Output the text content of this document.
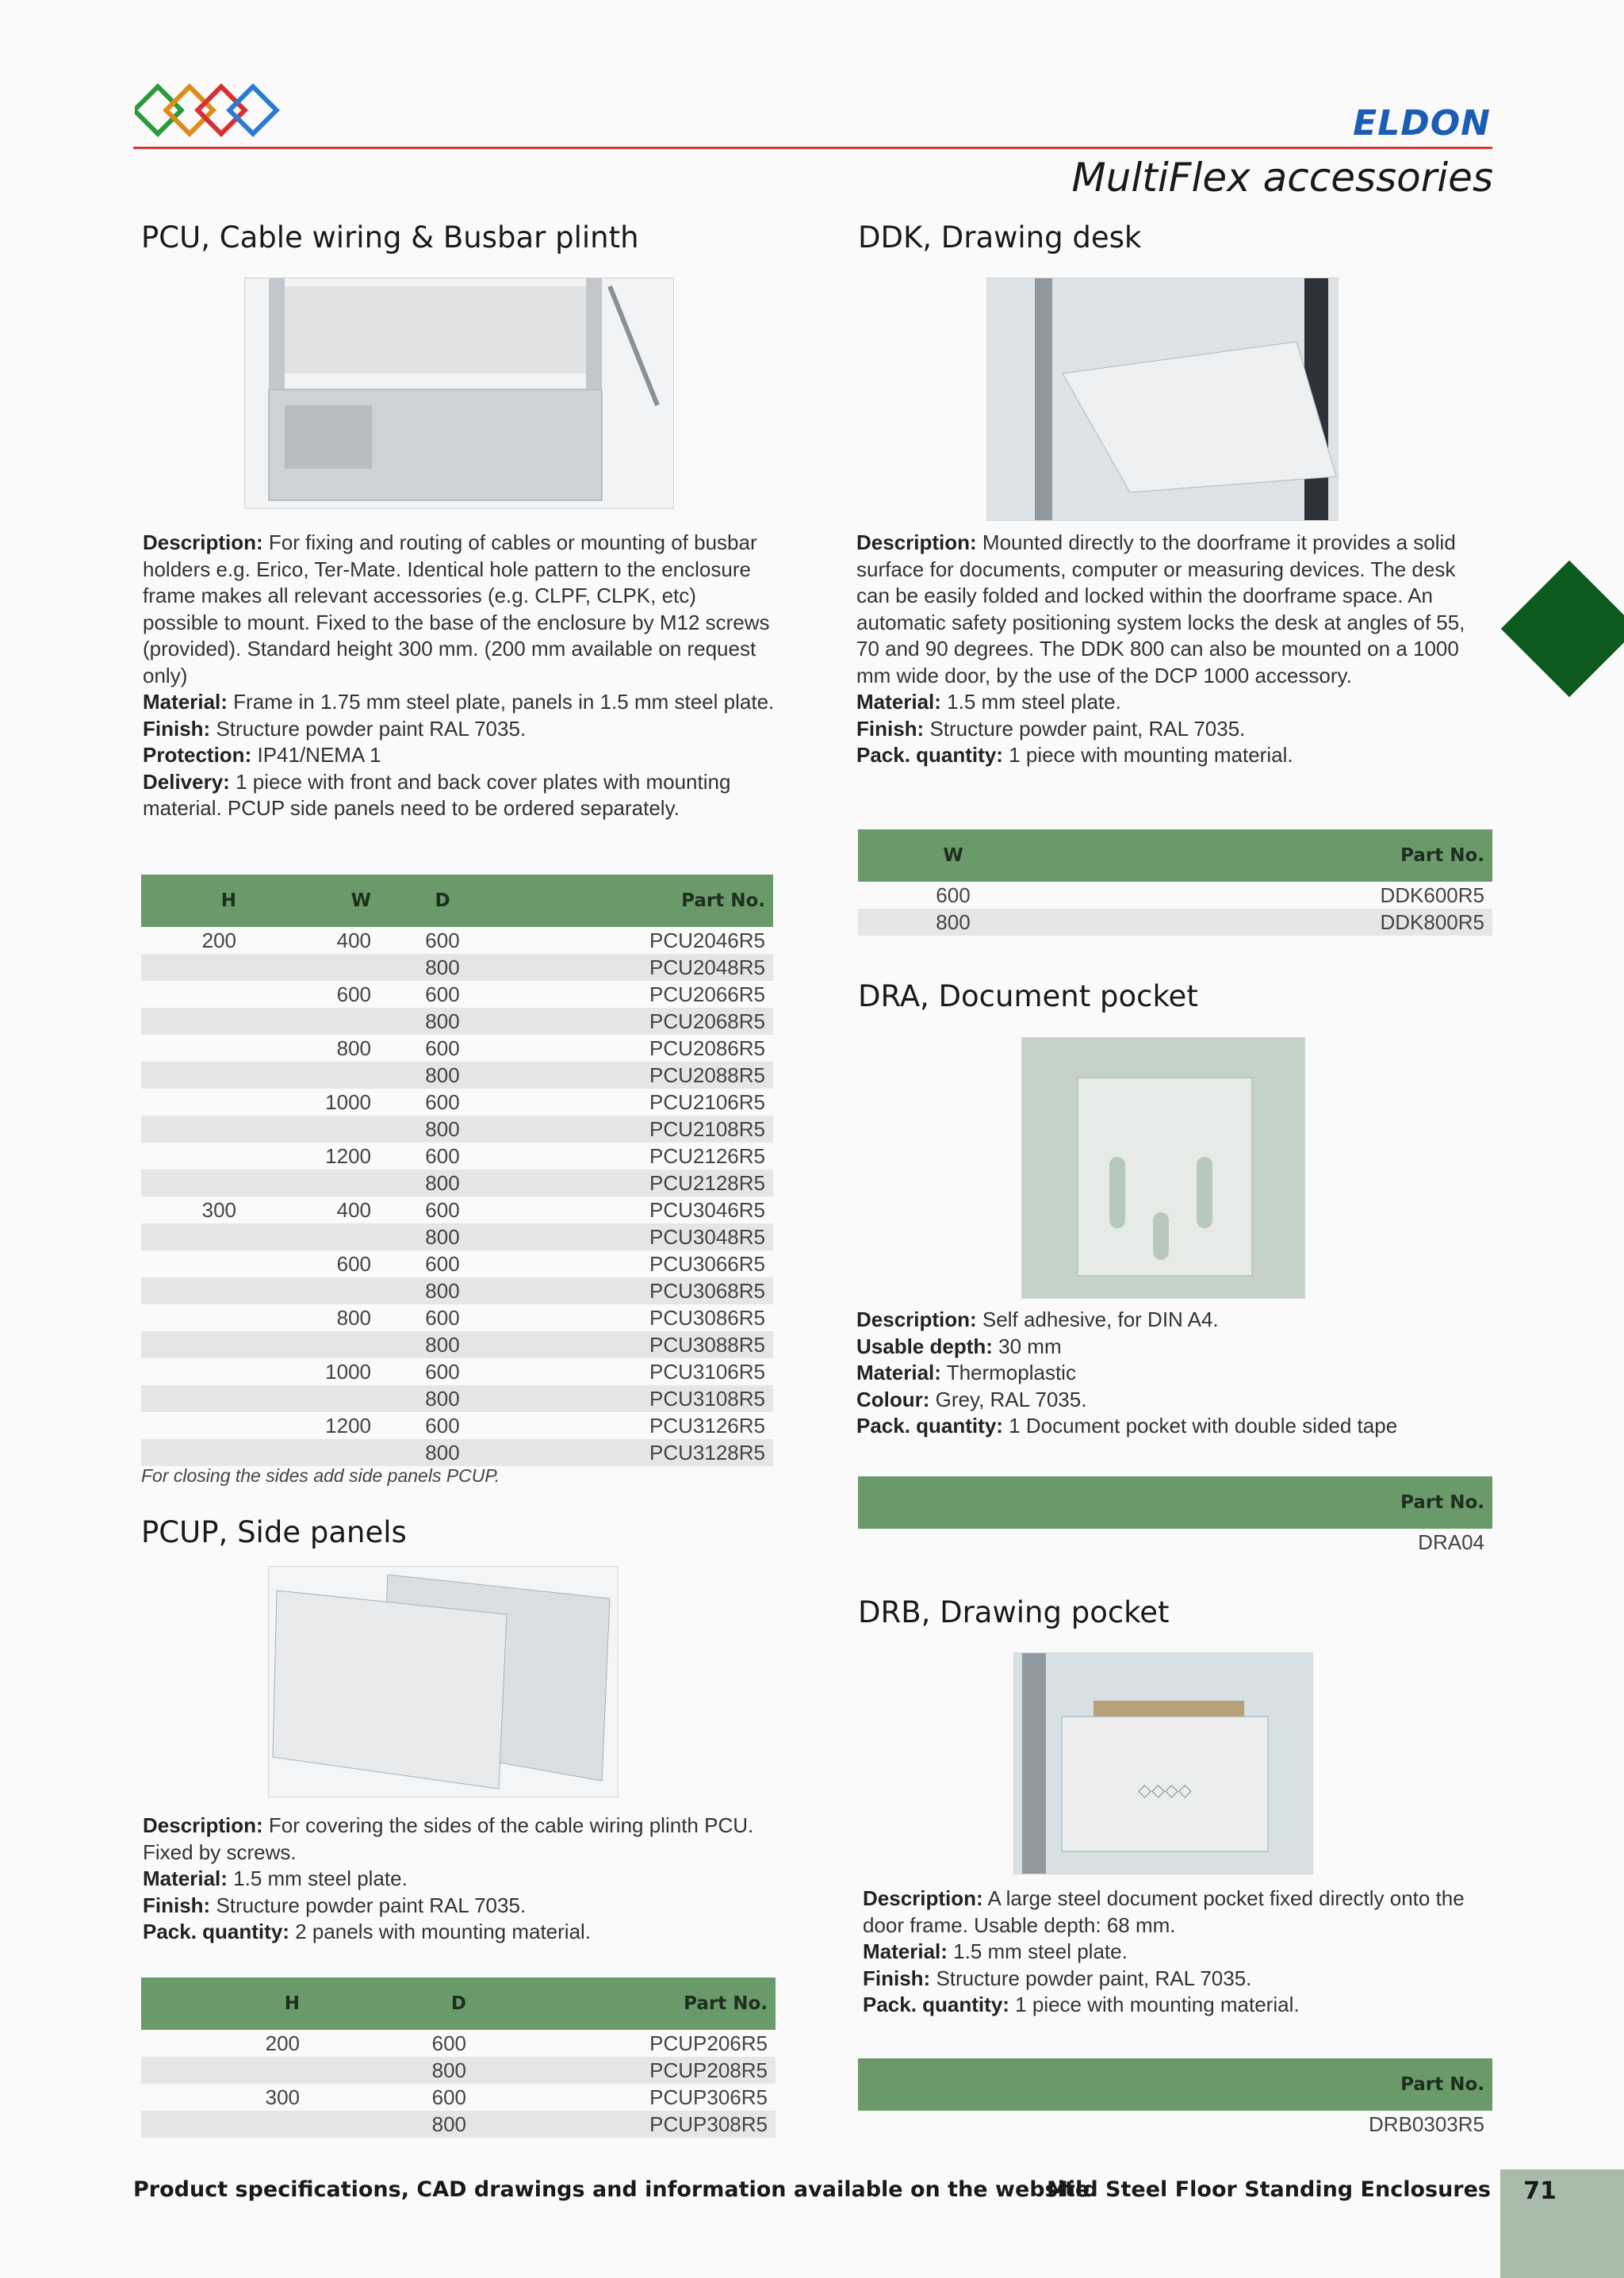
ELDON
MultiFlex accessories
PCU, Cable wiring & Busbar plinth

Description: For fixing and routing of cables or mounting of busbar holders e.g. Erico, Ter-Mate. Identical hole pattern to the enclosure frame makes all relevant accessories (e.g. CLPF, CLPK, etc) possible to mount. Fixed to the base of the enclosure by M12 screws (provided). Standard height 300 mm. (200 mm available on request only)

Material: Frame in 1.75 mm steel plate, panels in 1.5 mm steel plate.

Finish: Structure powder paint RAL 7035.

Protection: IP41/NEMA 1

Delivery: 1 piece with front and back cover plates with mounting material. PCUP side panels need to be ordered separately.

H	W	D	Part No.
200	400	600	PCU2046R5
		800	PCU2048R5
	600	600	PCU2066R5
		800	PCU2068R5
	800	600	PCU2086R5
		800	PCU2088R5
	1000	600	PCU2106R5
		800	PCU2108R5
	1200	600	PCU2126R5
		800	PCU2128R5
300	400	600	PCU3046R5
		800	PCU3048R5
	600	600	PCU3066R5
		800	PCU3068R5
	800	600	PCU3086R5
		800	PCU3088R5
	1000	600	PCU3106R5
		800	PCU3108R5
	1200	600	PCU3126R5
		800	PCU3128R5
For closing the sides add side panels PCUP.
PCUP, Side panels

Description: For covering the sides of the cable wiring plinth PCU. Fixed by screws.

Material: 1.5 mm steel plate.

Finish: Structure powder paint RAL 7035.

Pack. quantity: 2 panels with mounting material.

H	D	Part No.
200	600	PCUP206R5
	800	PCUP208R5
300	600	PCUP306R5
	800	PCUP308R5
DDK, Drawing desk

Description: Mounted directly to the doorframe it provides a solid surface for documents, computer or measuring devices. The desk can be easily folded and locked within the doorframe space. An automatic safety positioning system locks the desk at angles of 55, 70 and 90 degrees. The DDK 800 can also be mounted on a 1000 mm wide door, by the use of the DCP 1000 accessory.

Material: 1.5 mm steel plate.

Finish: Structure powder paint, RAL 7035.

Pack. quantity: 1 piece with mounting material.

W	Part No.
600	DDK600R5
800	DDK800R5
DRA, Document pocket

Description: Self adhesive, for DIN A4.

Usable depth: 30 mm

Material: Thermoplastic

Colour: Grey, RAL 7035.

Pack. quantity: 1 Document pocket with double sided tape

Part No.
DRA04
DRB, Drawing pocket
◇◇◇◇

Description: A large steel document pocket fixed directly onto the door frame. Usable depth: 68 mm.

Material: 1.5 mm steel plate.

Finish: Structure powder paint, RAL 7035.

Pack. quantity: 1 piece with mounting material.

Part No.
DRB0303R5
Product specifications, CAD drawings and information available on the website.
Mild Steel Floor Standing Enclosures	71
